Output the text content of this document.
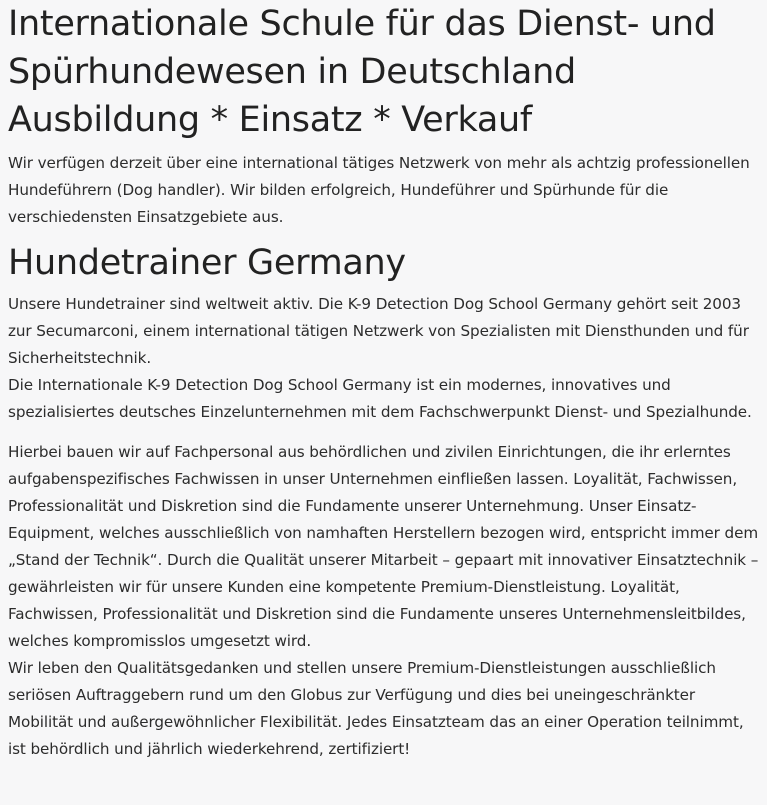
Internationale Schule für das Dienst- und
Spürhundewesen in Deutschland
Ausbildung * Einsatz * Verkauf

Wir verfügen derzeit über eine international tätiges Netzwerk von mehr als achtzig professionellen Hundeführern (Dog handler). Wir bilden erfolgreich, Hundeführer und Spürhunde für die verschiedensten Einsatzgebiete aus.

Hundetrainer Germany

Unsere Hundetrainer sind weltweit aktiv. Die K-9 Detection Dog School Germany gehört seit 2003 zur Secumarconi, einem international tätigen Netzwerk von Spezialisten mit Diensthunden und für Sicherheitstechnik.

Die Internationale K-9 Detection Dog School Germany ist ein modernes, innovatives und spezialisiertes deutsches Einzelunternehmen mit dem Fachschwerpunkt Dienst- und Spezialhunde.

Hierbei bauen wir auf Fachpersonal aus behördlichen und zivilen Einrichtungen, die ihr erlerntes aufgabenspezifisches Fachwissen in unser Unternehmen einfließen lassen. Loyalität, Fachwissen, Professionalität und Diskretion sind die Fundamente unserer Unternehmung. Unser Einsatz-Equipment, welches ausschließlich von namhaften Herstellern bezogen wird, entspricht immer dem „Stand der Technik“. Durch die Qualität unserer Mitarbeit – gepaart mit innovativer Einsatztechnik – gewährleisten wir für unsere Kunden eine kompetente Premium-Dienstleistung. Loyalität, Fachwissen, Professionalität und Diskretion sind die Fundamente unseres Unternehmensleitbildes, welches kompromisslos umgesetzt wird.

Wir leben den Qualitätsgedanken und stellen unsere Premium-Dienstleistungen ausschließlich seriösen Auftraggebern rund um den Globus zur Verfügung und dies bei uneingeschränkter Mobilität und außergewöhnlicher Flexibilität. Jedes Einsatzteam das an einer Operation teilnimmt, ist behördlich und jährlich wiederkehrend, zertifiziert!
